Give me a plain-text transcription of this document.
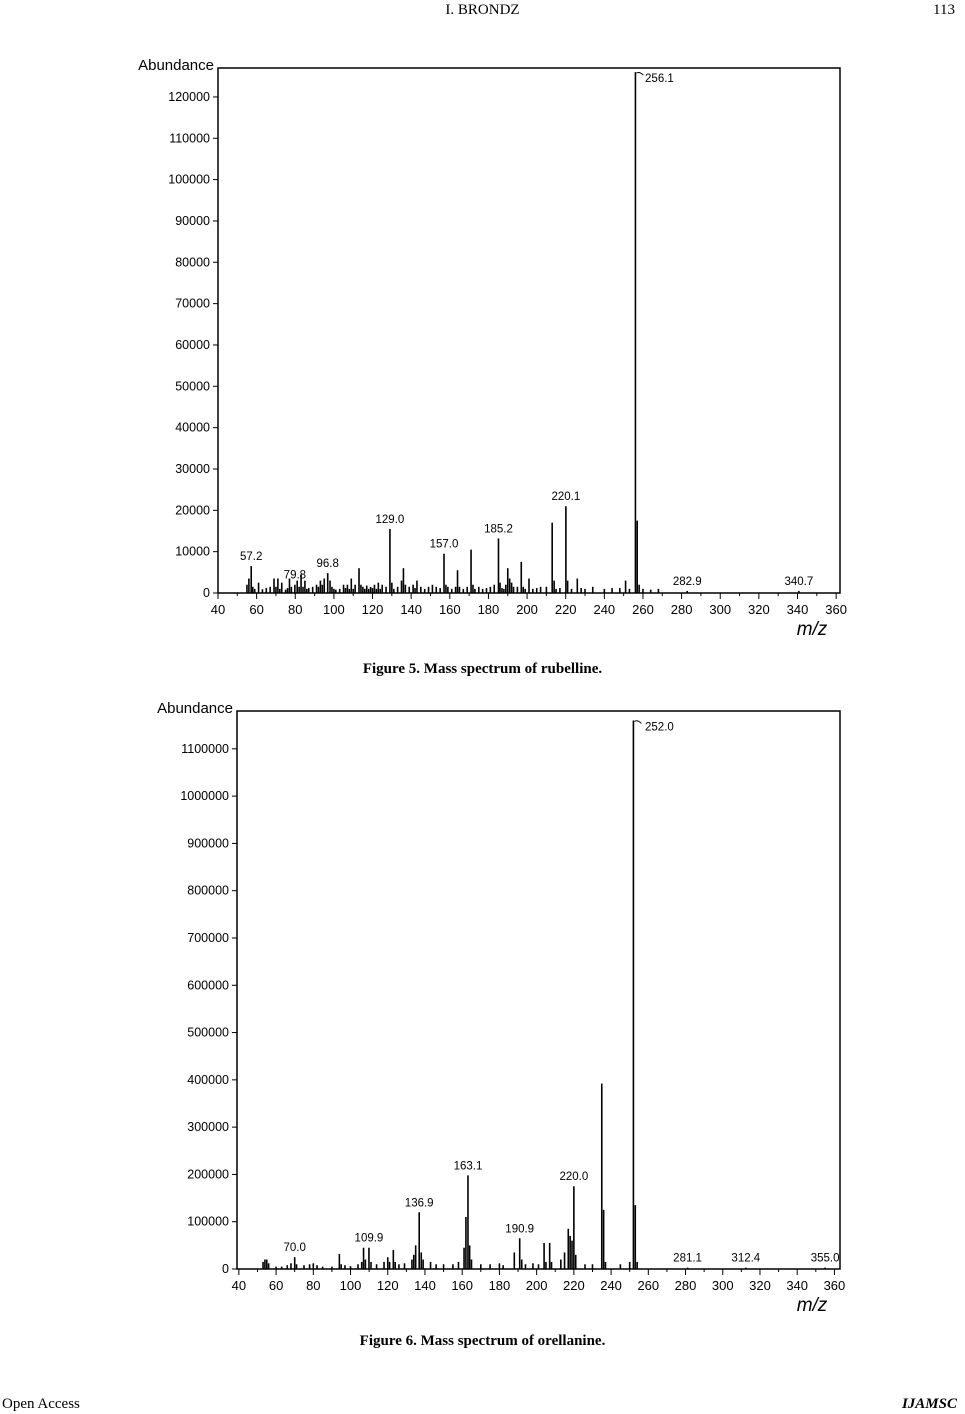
I. BRONDZ	113
0
10000
20000
30000
40000
50000
60000
70000
80000
90000
100000
110000
120000
40 60 80 100 120 140 160 180 200 220 240 260 280 300 320 340 360
Abundance
m/z
57.2
79.8
96.8
129.0
157.0
185.2
220.1
256.1
282.9	340.7
Figure 5. Mass spectrum of rubelline.
0
100000
200000
300000
400000
500000
600000
700000
800000
900000
1000000
1100000
40 60 80 100 120 140 160 180 200 220 240 260 280 300 320 340 360
Abundance
m/z
70.0
109.9
136.9
163.1
190.9
220.0
252.0
281.1	312.4	355.0
Figure 6. Mass spectrum of orellanine.
Open Access	IJAMSC
